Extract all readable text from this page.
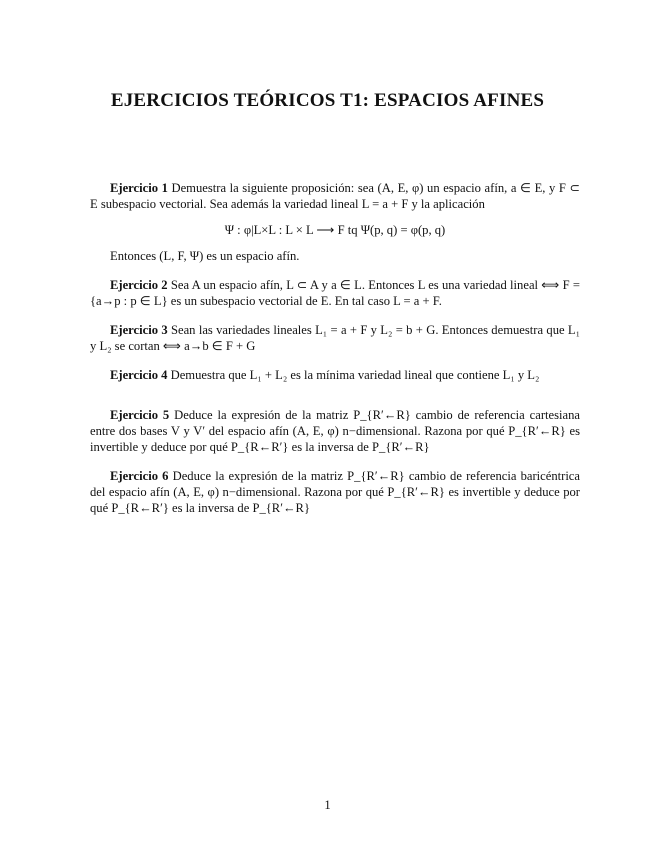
EJERCICIOS TEÓRICOS T1: ESPACIOS AFINES

Ejercicio 1 Demuestra la siguiente proposición: sea (A, E, φ) un espacio afín, a ∈ E, y F ⊂ E subespacio vectorial. Sea además la variedad lineal L = a + F y la aplicación

Ψ : φ|L×L : L × L ⟶ F tq Ψ(p, q) = φ(p, q)

Entonces (L, F, Ψ) es un espacio afín.

Ejercicio 2 Sea A un espacio afín, L ⊂ A y a ∈ L. Entonces L es una variedad lineal ⟺ F = {a→p : p ∈ L} es un subespacio vectorial de E. En tal caso L = a + F.

Ejercicio 3 Sean las variedades lineales L₁ = a + F y L₂ = b + G. Entonces demuestra que L₁ y L₂ se cortan ⟺ a→b ∈ F + G

Ejercicio 4 Demuestra que L₁ + L₂ es la mínima variedad lineal que contiene L₁ y L₂

Ejercicio 5 Deduce la expresión de la matriz P_{R′←R} cambio de referencia cartesiana entre dos bases V y V′ del espacio afín (A, E, φ) n−dimensional. Razona por qué P_{R′←R} es invertible y deduce por qué P_{R←R′} es la inversa de P_{R′←R}

Ejercicio 6 Deduce la expresión de la matriz P_{R′←R} cambio de referencia baricéntrica del espacio afín (A, E, φ) n−dimensional. Razona por qué P_{R′←R} es invertible y deduce por qué P_{R←R′} es la inversa de P_{R′←R}

1
